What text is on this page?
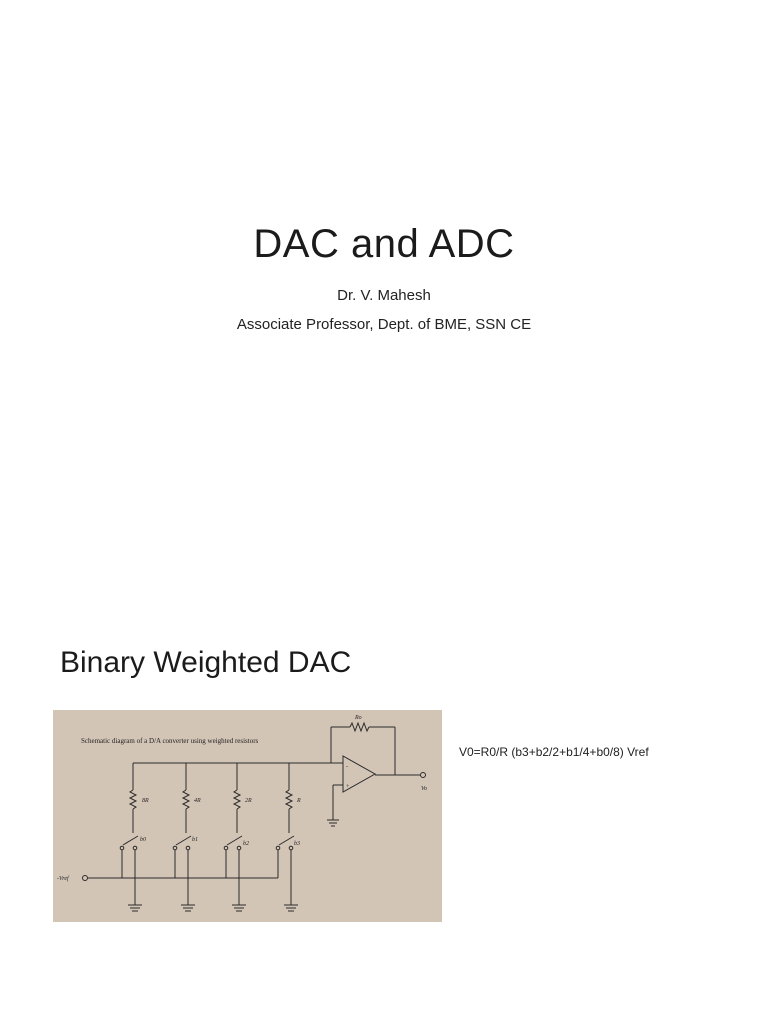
DAC and ADC
Dr. V. Mahesh
Associate Professor, Dept. of BME, SSN CE
Binary Weighted DAC
Schematic diagram of a D/A converter using weighted resistors
8R	4R	2R	R
b0	b1
b2	b3
Ro
-Vref
Vo
-
+
V0=R0/R (b3+b2/2+b1/4+b0/8) Vref
